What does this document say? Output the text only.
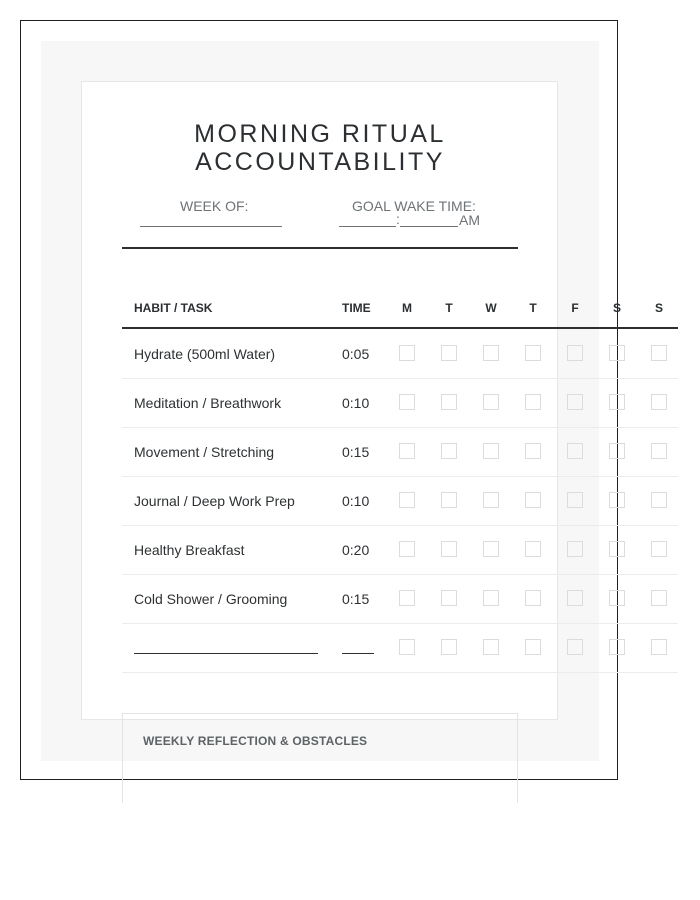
MORNING RITUAL
ACCOUNTABILITY
WEEK OF:	GOAL WAKE TIME:
:	AM
HABIT / TASK	TIME	M	T	W	T	F	S	S
Hydrate (500ml Water)	0:05
Meditation / Breathwork	0:10
Movement / Stretching	0:15
Journal / Deep Work Prep	0:10
Healthy Breakfast	0:20
Cold Shower / Grooming	0:15
WEEKLY REFLECTION & OBSTACLES
